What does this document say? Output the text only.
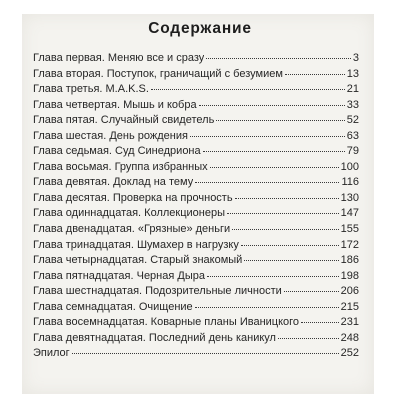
Содержание
Глава первая. Меняю все и сразу	3
Глава вторая. Поступок, граничащий с безумием	13
Глава третья. M.A.K.S.	21
Глава четвертая. Мышь и кобра	33
Глава пятая. Случайный свидетель	52
Глава шестая. День рождения	63
Глава седьмая. Суд Синедриона	79
Глава восьмая. Группа избранных	100
Глава девятая. Доклад на тему	116
Глава десятая. Проверка на прочность	130
Глава одиннадцатая. Коллекционеры	147
Глава двенадцатая. «Грязные» деньги	155
Глава тринадцатая. Шумахер в нагрузку	172
Глава четырнадцатая. Старый знакомый	186
Глава пятнадцатая. Черная Дыра	198
Глава шестнадцатая. Подозрительные личности	206
Глава семнадцатая. Очищение	215
Глава восемнадцатая. Коварные планы Иваницкого	231
Глава девятнадцатая. Последний день каникул	248
Эпилог	252
